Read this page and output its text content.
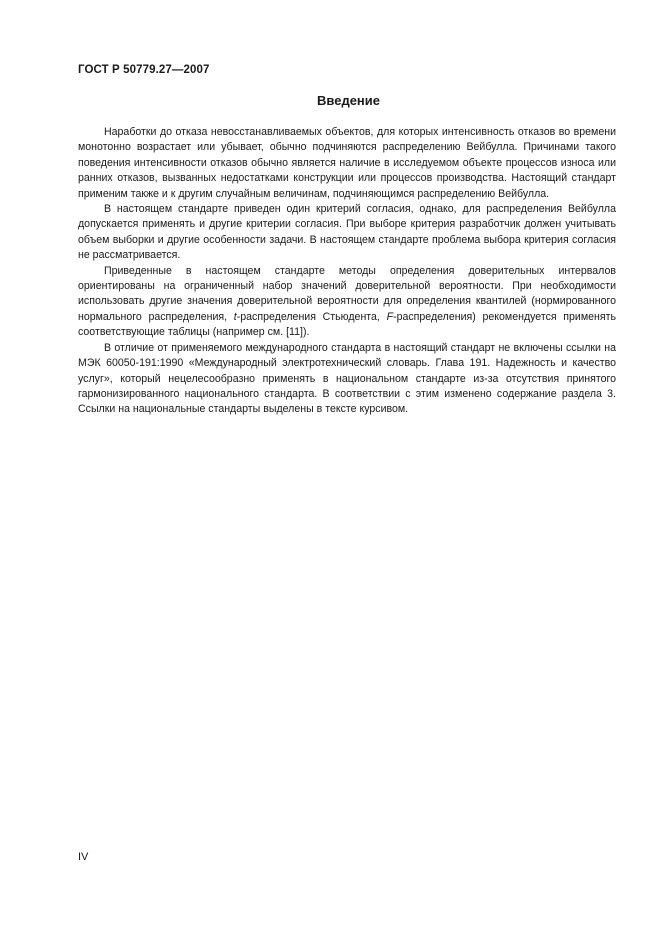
ГОСТ Р 50779.27—2007
Введение

Наработки до отказа невосстанавливаемых объектов, для которых интенсивность отказов во времени монотонно возрастает или убывает, обычно подчиняются распределению Вейбулла. Причинами такого поведения интенсивности отказов обычно является наличие в исследуемом объекте процессов износа или ранних отказов, вызванных недостатками конструкции или процессов производства. Настоящий стандарт применим также и к другим случайным величинам, подчиняющимся распределению Вейбулла.

В настоящем стандарте приведен один критерий согласия, однако, для распределения Вейбулла допускается применять и другие критерии согласия. При выборе критерия разработчик должен учитывать объем выборки и другие особенности задачи. В настоящем стандарте проблема выбора критерия согласия не рассматривается.

Приведенные в настоящем стандарте методы определения доверительных интервалов ориентированы на ограниченный набор значений доверительной вероятности. При необходимости использовать другие значения доверительной вероятности для определения квантилей (нормированного нормального распределения, t-распределения Стьюдента, F-распределения) рекомендуется применять соответствующие таблицы (например см. [11]).

В отличие от применяемого международного стандарта в настоящий стандарт не включены ссылки на МЭК 60050-191:1990 «Международный электротехнический словарь. Глава 191. Надежность и качество услуг», который нецелесообразно применять в национальном стандарте из-за отсутствия принятого гармонизированного национального стандарта. В соответствии с этим изменено содержание раздела 3. Ссылки на национальные стандарты выделены в тексте курсивом.

IV
